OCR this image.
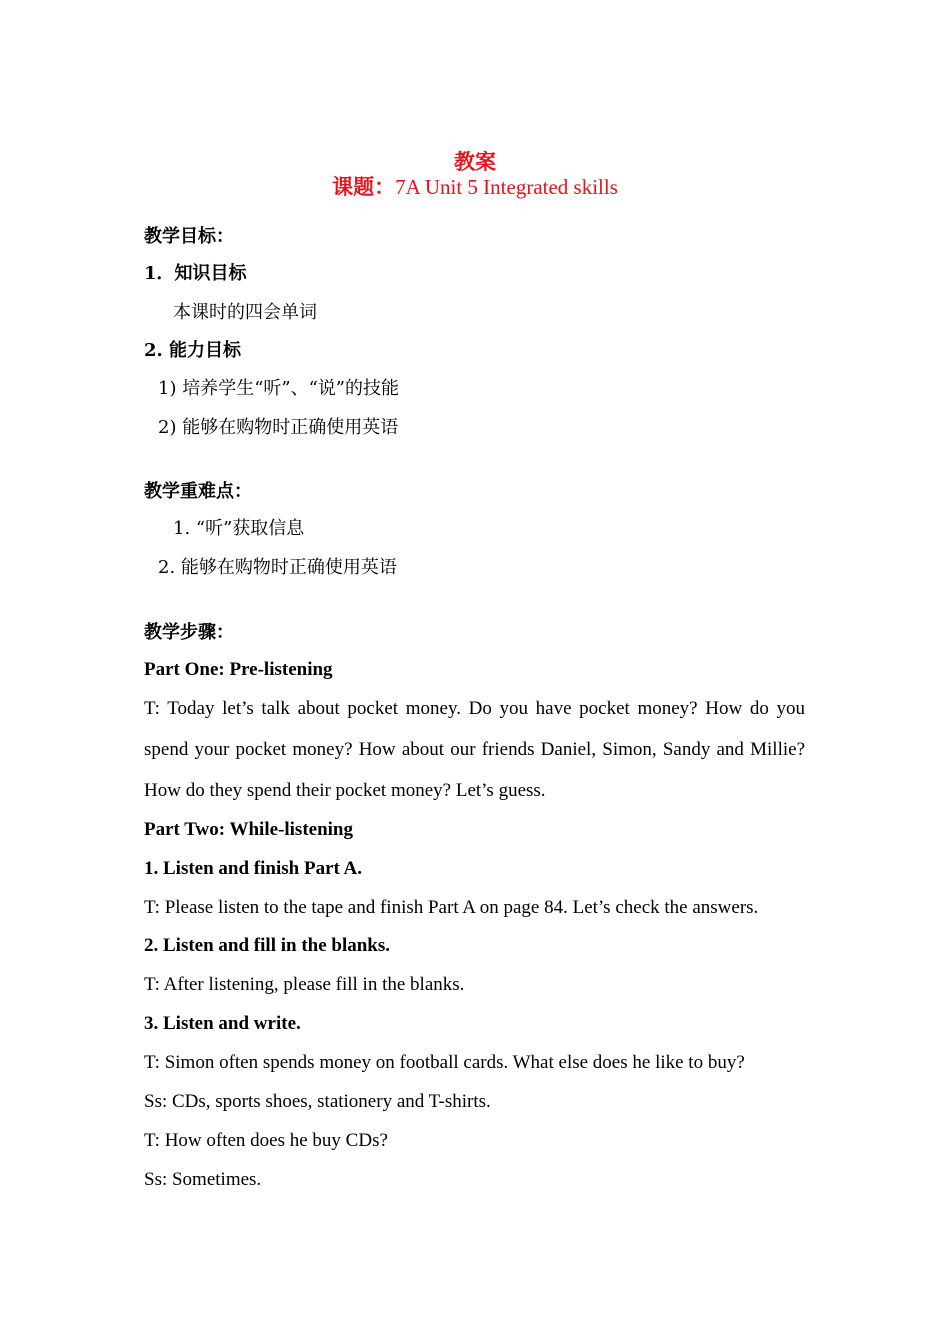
教案
课题：7A Unit 5 Integrated skills
教学目标：
1．知识目标
本课时的四会单词
2. 能力目标
1) 培养学生“听”、“说”的技能
2) 能够在购物时正确使用英语
教学重难点：
1. “听”获取信息
2. 能够在购物时正确使用英语
教学步骤：
Part One: Pre-listening
T: Today let’s talk about pocket money. Do you have pocket money? How do you
spend your pocket money? How about our friends Daniel, Simon, Sandy and Millie?
How do they spend their pocket money? Let’s guess.
Part Two: While-listening
1. Listen and finish Part A.
T: Please listen to the tape and finish Part A on page 84. Let’s check the answers.
2. Listen and fill in the blanks.
T: After listening, please fill in the blanks.
3. Listen and write.
T: Simon often spends money on football cards. What else does he like to buy?
Ss: CDs, sports shoes, stationery and T-shirts.
T: How often does he buy CDs?
Ss: Sometimes.
